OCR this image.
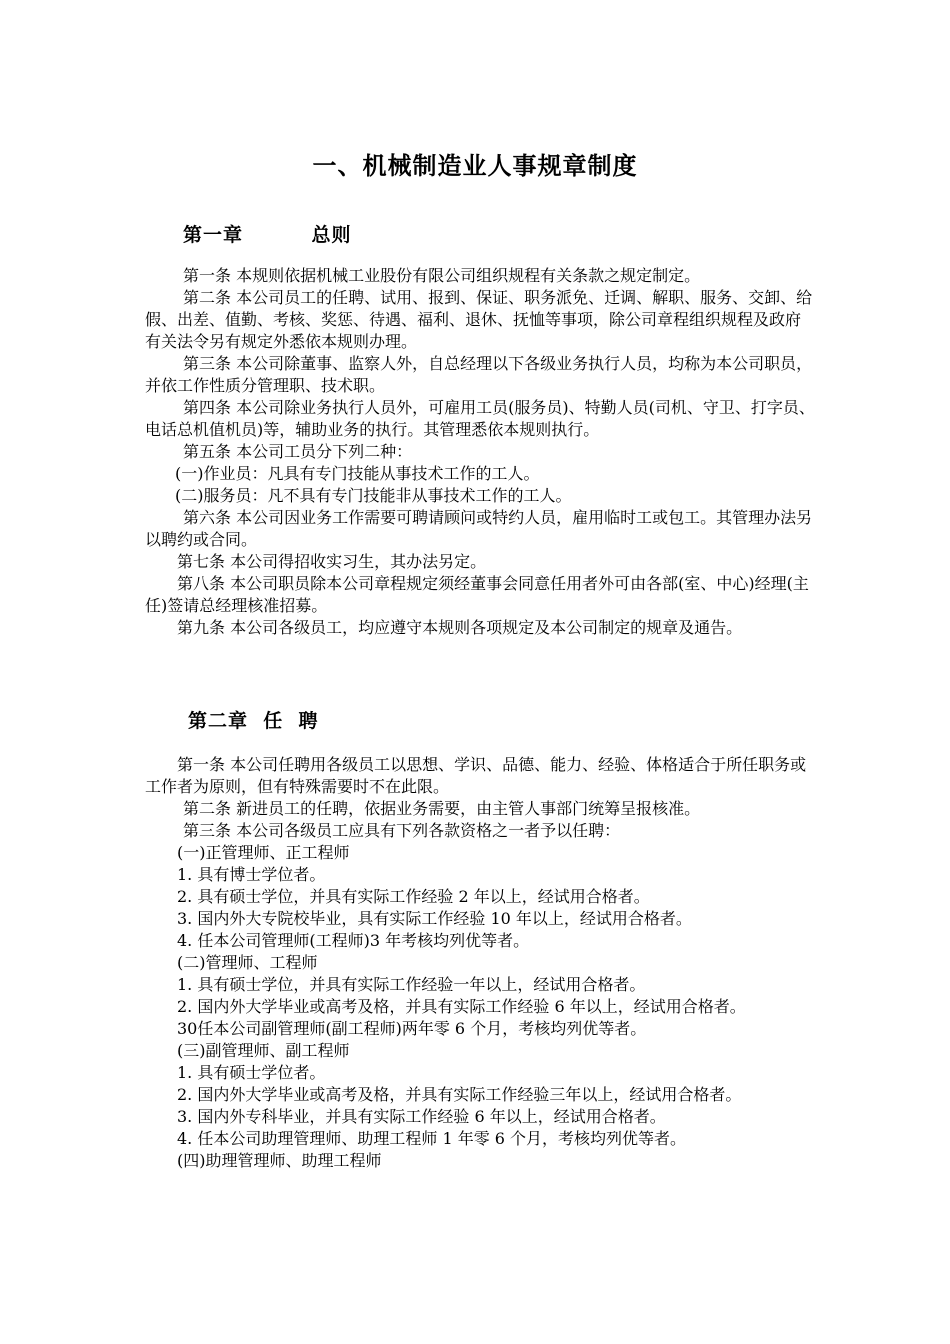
一、机械制造业人事规章制度
第一章         总则

第一条 本规则依据机械工业股份有限公司组织规程有关条款之规定制定。

第二条 本公司员工的任聘、试用、报到、保证、职务派免、迁调、解职、服务、交卸、给假、出差、值勤、考核、奖惩、待遇、福利、退休、抚恤等事项，除公司章程组织规程及政府有关法令另有规定外悉依本规则办理。

第三条 本公司除董事、监察人外，自总经理以下各级业务执行人员，均称为本公司职员，并依工作性质分管理职、技术职。

第四条 本公司除业务执行人员外，可雇用工员(服务员)、特勤人员(司机、守卫、打字员、电话总机值机员)等，辅助业务的执行。其管理悉依本规则执行。

第五条 本公司工员分下列二种：

(一)作业员：凡具有专门技能从事技术工作的工人。

(二)服务员：凡不具有专门技能非从事技术工作的工人。

第六条 本公司因业务工作需要可聘请顾问或特约人员，雇用临时工或包工。其管理办法另以聘约或合同。

第七条 本公司得招收实习生，其办法另定。

第八条 本公司职员除本公司章程规定须经董事会同意任用者外可由各部(室、中心)经理(主任)签请总经理核准招募。

第九条 本公司各级员工，均应遵守本规则各项规定及本公司制定的规章及通告。

第二章  任  聘

第一条 本公司任聘用各级员工以思想、学识、品德、能力、经验、体格适合于所任职务或工作者为原则，但有特殊需要时不在此限。

第二条 新进员工的任聘，依据业务需要，由主管人事部门统筹呈报核准。

第三条 本公司各级员工应具有下列各款资格之一者予以任聘：

(一)正管理师、正工程师

1. 具有博士学位者。

2. 具有硕士学位，并具有实际工作经验 2 年以上，经试用合格者。

3. 国内外大专院校毕业，具有实际工作经验 10 年以上，经试用合格者。

4. 任本公司管理师(工程师)3 年考核均列优等者。

(二)管理师、工程师

1. 具有硕士学位，并具有实际工作经验一年以上，经试用合格者。

2. 国内外大学毕业或高考及格，并具有实际工作经验 6 年以上，经试用合格者。

30任本公司副管理师(副工程师)两年零 6 个月，考核均列优等者。

(三)副管理师、副工程师

1. 具有硕士学位者。

2. 国内外大学毕业或高考及格，并具有实际工作经验三年以上，经试用合格者。

3. 国内外专科毕业，并具有实际工作经验 6 年以上，经试用合格者。

4. 任本公司助理管理师、助理工程师 1 年零 6 个月，考核均列优等者。

(四)助理管理师、助理工程师
